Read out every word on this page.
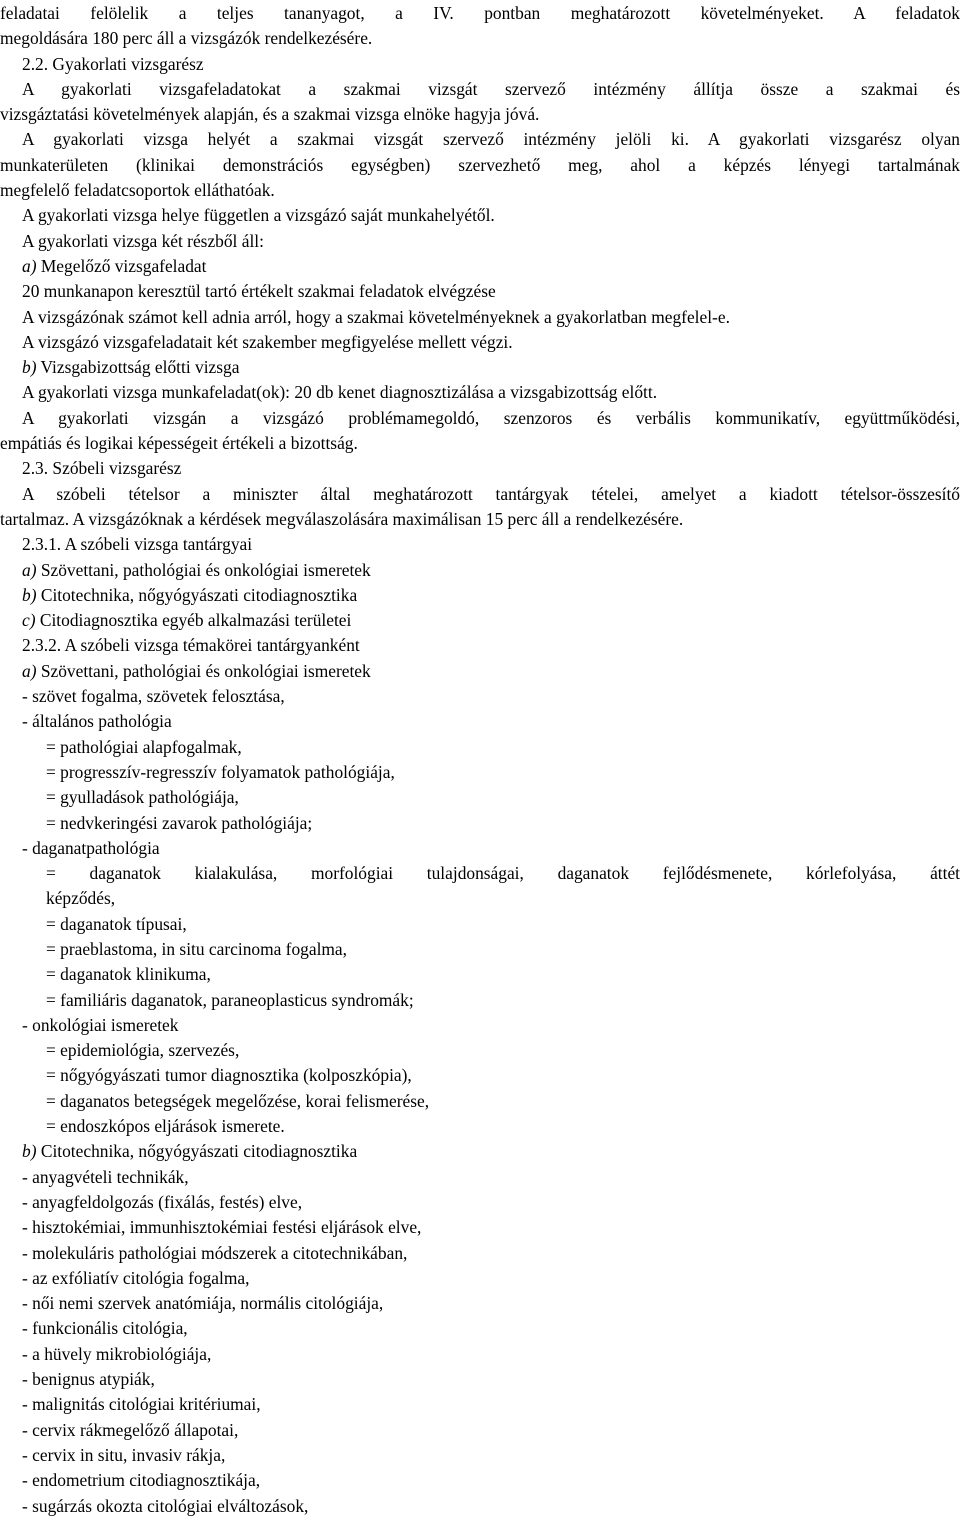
feladatai felölelik a teljes tananyagot, a IV. pontban meghatározott követelményeket. A feladatok
megoldására 180 perc áll a vizsgázók rendelkezésére.
2.2. Gyakorlati vizsgarész
A gyakorlati vizsgafeladatokat a szakmai vizsgát szervező intézmény állítja össze a szakmai és
vizsgáztatási követelmények alapján, és a szakmai vizsga elnöke hagyja jóvá.
A gyakorlati vizsga helyét a szakmai vizsgát szervező intézmény jelöli ki. A gyakorlati vizsgarész olyan
munkaterületen (klinikai demonstrációs egységben) szervezhető meg, ahol a képzés lényegi tartalmának
megfelelő feladatcsoportok elláthatóak.
A gyakorlati vizsga helye független a vizsgázó saját munkahelyétől.
A gyakorlati vizsga két részből áll:
a) Megelőző vizsgafeladat
20 munkanapon keresztül tartó értékelt szakmai feladatok elvégzése
A vizsgázónak számot kell adnia arról, hogy a szakmai követelményeknek a gyakorlatban megfelel-e.
A vizsgázó vizsgafeladatait két szakember megfigyelése mellett végzi.
b) Vizsgabizottság előtti vizsga
A gyakorlati vizsga munkafeladat(ok): 20 db kenet diagnosztizálása a vizsgabizottság előtt.
A gyakorlati vizsgán a vizsgázó problémamegoldó, szenzoros és verbális kommunikatív, együttműködési,
empátiás és logikai képességeit értékeli a bizottság.
2.3. Szóbeli vizsgarész
A szóbeli tételsor a miniszter által meghatározott tantárgyak tételei, amelyet a kiadott tételsor-összesítő
tartalmaz. A vizsgázóknak a kérdések megválaszolására maximálisan 15 perc áll a rendelkezésére.
2.3.1. A szóbeli vizsga tantárgyai
a) Szövettani, pathológiai és onkológiai ismeretek
b) Citotechnika, nőgyógyászati citodiagnosztika
c) Citodiagnosztika egyéb alkalmazási területei
2.3.2. A szóbeli vizsga témakörei tantárgyanként
a) Szövettani, pathológiai és onkológiai ismeretek
- szövet fogalma, szövetek felosztása,
- általános pathológia
= pathológiai alapfogalmak,
= progresszív-regresszív folyamatok pathológiája,
= gyulladások pathológiája,
= nedvkeringési zavarok pathológiája;
- daganatpathológia
= daganatok kialakulása, morfológiai tulajdonságai, daganatok fejlődésmenete, kórlefolyása, áttét
képződés,
= daganatok típusai,
= praeblastoma, in situ carcinoma fogalma,
= daganatok klinikuma,
= familiáris daganatok, paraneoplasticus syndromák;
- onkológiai ismeretek
= epidemiológia, szervezés,
= nőgyógyászati tumor diagnosztika (kolposzkópia),
= daganatos betegségek megelőzése, korai felismerése,
= endoszkópos eljárások ismerete.
b) Citotechnika, nőgyógyászati citodiagnosztika
- anyagvételi technikák,
- anyagfeldolgozás (fixálás, festés) elve,
- hisztokémiai, immunhisztokémiai festési eljárások elve,
- molekuláris pathológiai módszerek a citotechnikában,
- az exfóliatív citológia fogalma,
- női nemi szervek anatómiája, normális citológiája,
- funkcionális citológia,
- a hüvely mikrobiológiája,
- benignus atypiák,
- malignitás citológiai kritériumai,
- cervix rákmegelőző állapotai,
- cervix in situ, invasiv rákja,
- endometrium citodiagnosztikája,
- sugárzás okozta citológiai elváltozások,
